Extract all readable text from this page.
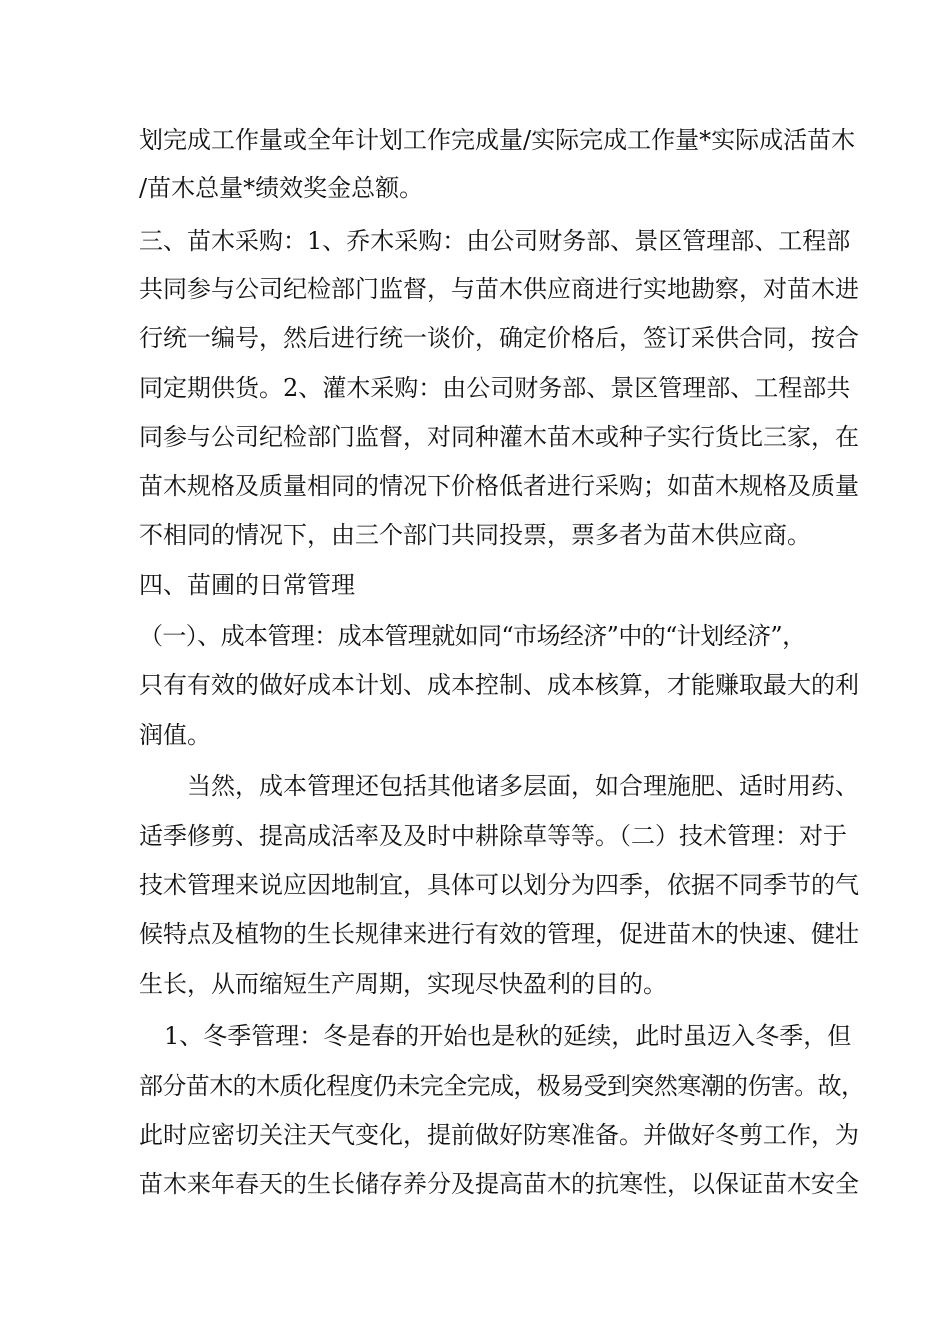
划完成工作量或全年计划工作完成量/实际完成工作量*实际成活苗木
/苗木总量*绩效奖金总额。
三、苗木采购：1、乔木采购：由公司财务部、景区管理部、工程部
共同参与公司纪检部门监督，与苗木供应商进行实地勘察，对苗木进
行统一编号，然后进行统一谈价，确定价格后，签订采供合同，按合
同定期供货。2、灌木采购：由公司财务部、景区管理部、工程部共
同参与公司纪检部门监督，对同种灌木苗木或种子实行货比三家，在
苗木规格及质量相同的情况下价格低者进行采购；如苗木规格及质量
不相同的情况下，由三个部门共同投票，票多者为苗木供应商。
四、苗圃的日常管理
（一）、成本管理：成本管理就如同“市场经济”中的“计划经济”，
只有有效的做好成本计划、成本控制、成本核算，才能赚取最大的利
润值。
当然，成本管理还包括其他诸多层面，如合理施肥、适时用药、
适季修剪、提高成活率及及时中耕除草等等。（二）技术管理：对于
技术管理来说应因地制宜，具体可以划分为四季，依据不同季节的气
候特点及植物的生长规律来进行有效的管理，促进苗木的快速、健壮
生长，从而缩短生产周期，实现尽快盈利的目的。
1、冬季管理：冬是春的开始也是秋的延续，此时虽迈入冬季，但
部分苗木的木质化程度仍未完全完成，极易受到突然寒潮的伤害。故，
此时应密切关注天气变化，提前做好防寒准备。并做好冬剪工作，为
苗木来年春天的生长储存养分及提高苗木的抗寒性，以保证苗木安全
